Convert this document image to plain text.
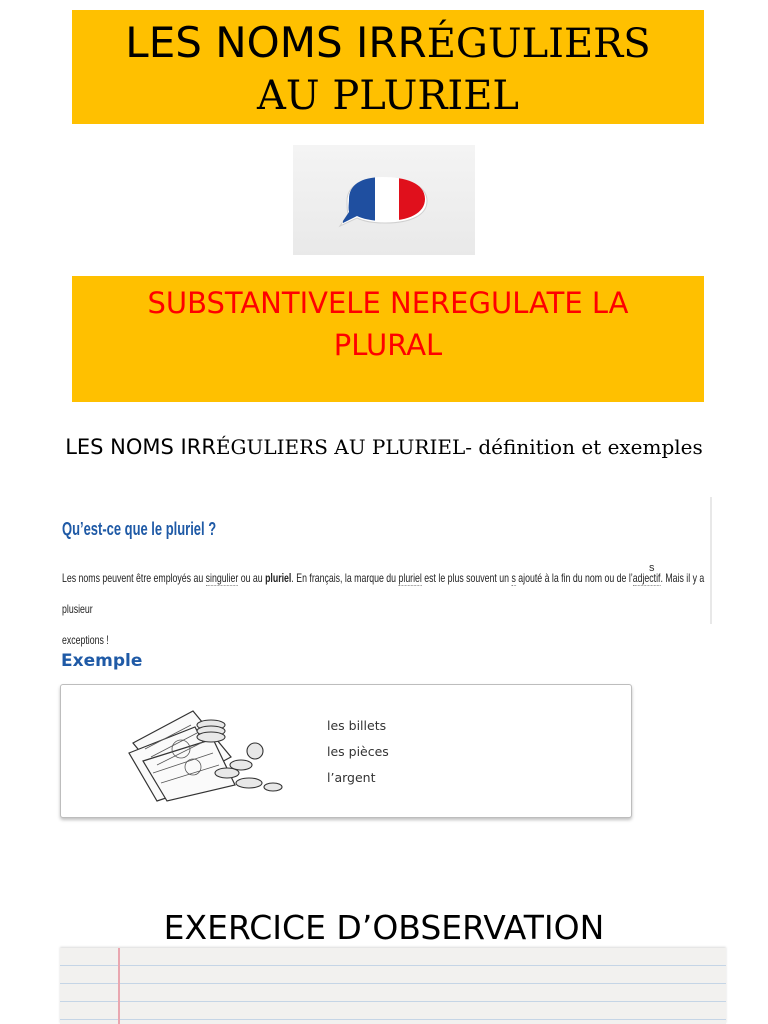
LES NOMS IRRÉGULIERS
AU PLURIEL
SUBSTANTIVELE NEREGULATE LA PLURAL
LES NOMS IRRÉGULIERS AU PLURIEL- définition et exemples
Qu’est-ce que le pluriel ?
Les noms peuvent être employés au singulier ou au pluriel. En français, la marque du pluriel est le plus souvent un s ajouté à la fin du nom ou de l’adjectif. Mais il y a plusieur
exceptions !
s
Exemple
les billets
les pièces
l’argent
EXERCICE D’OBSERVATION
